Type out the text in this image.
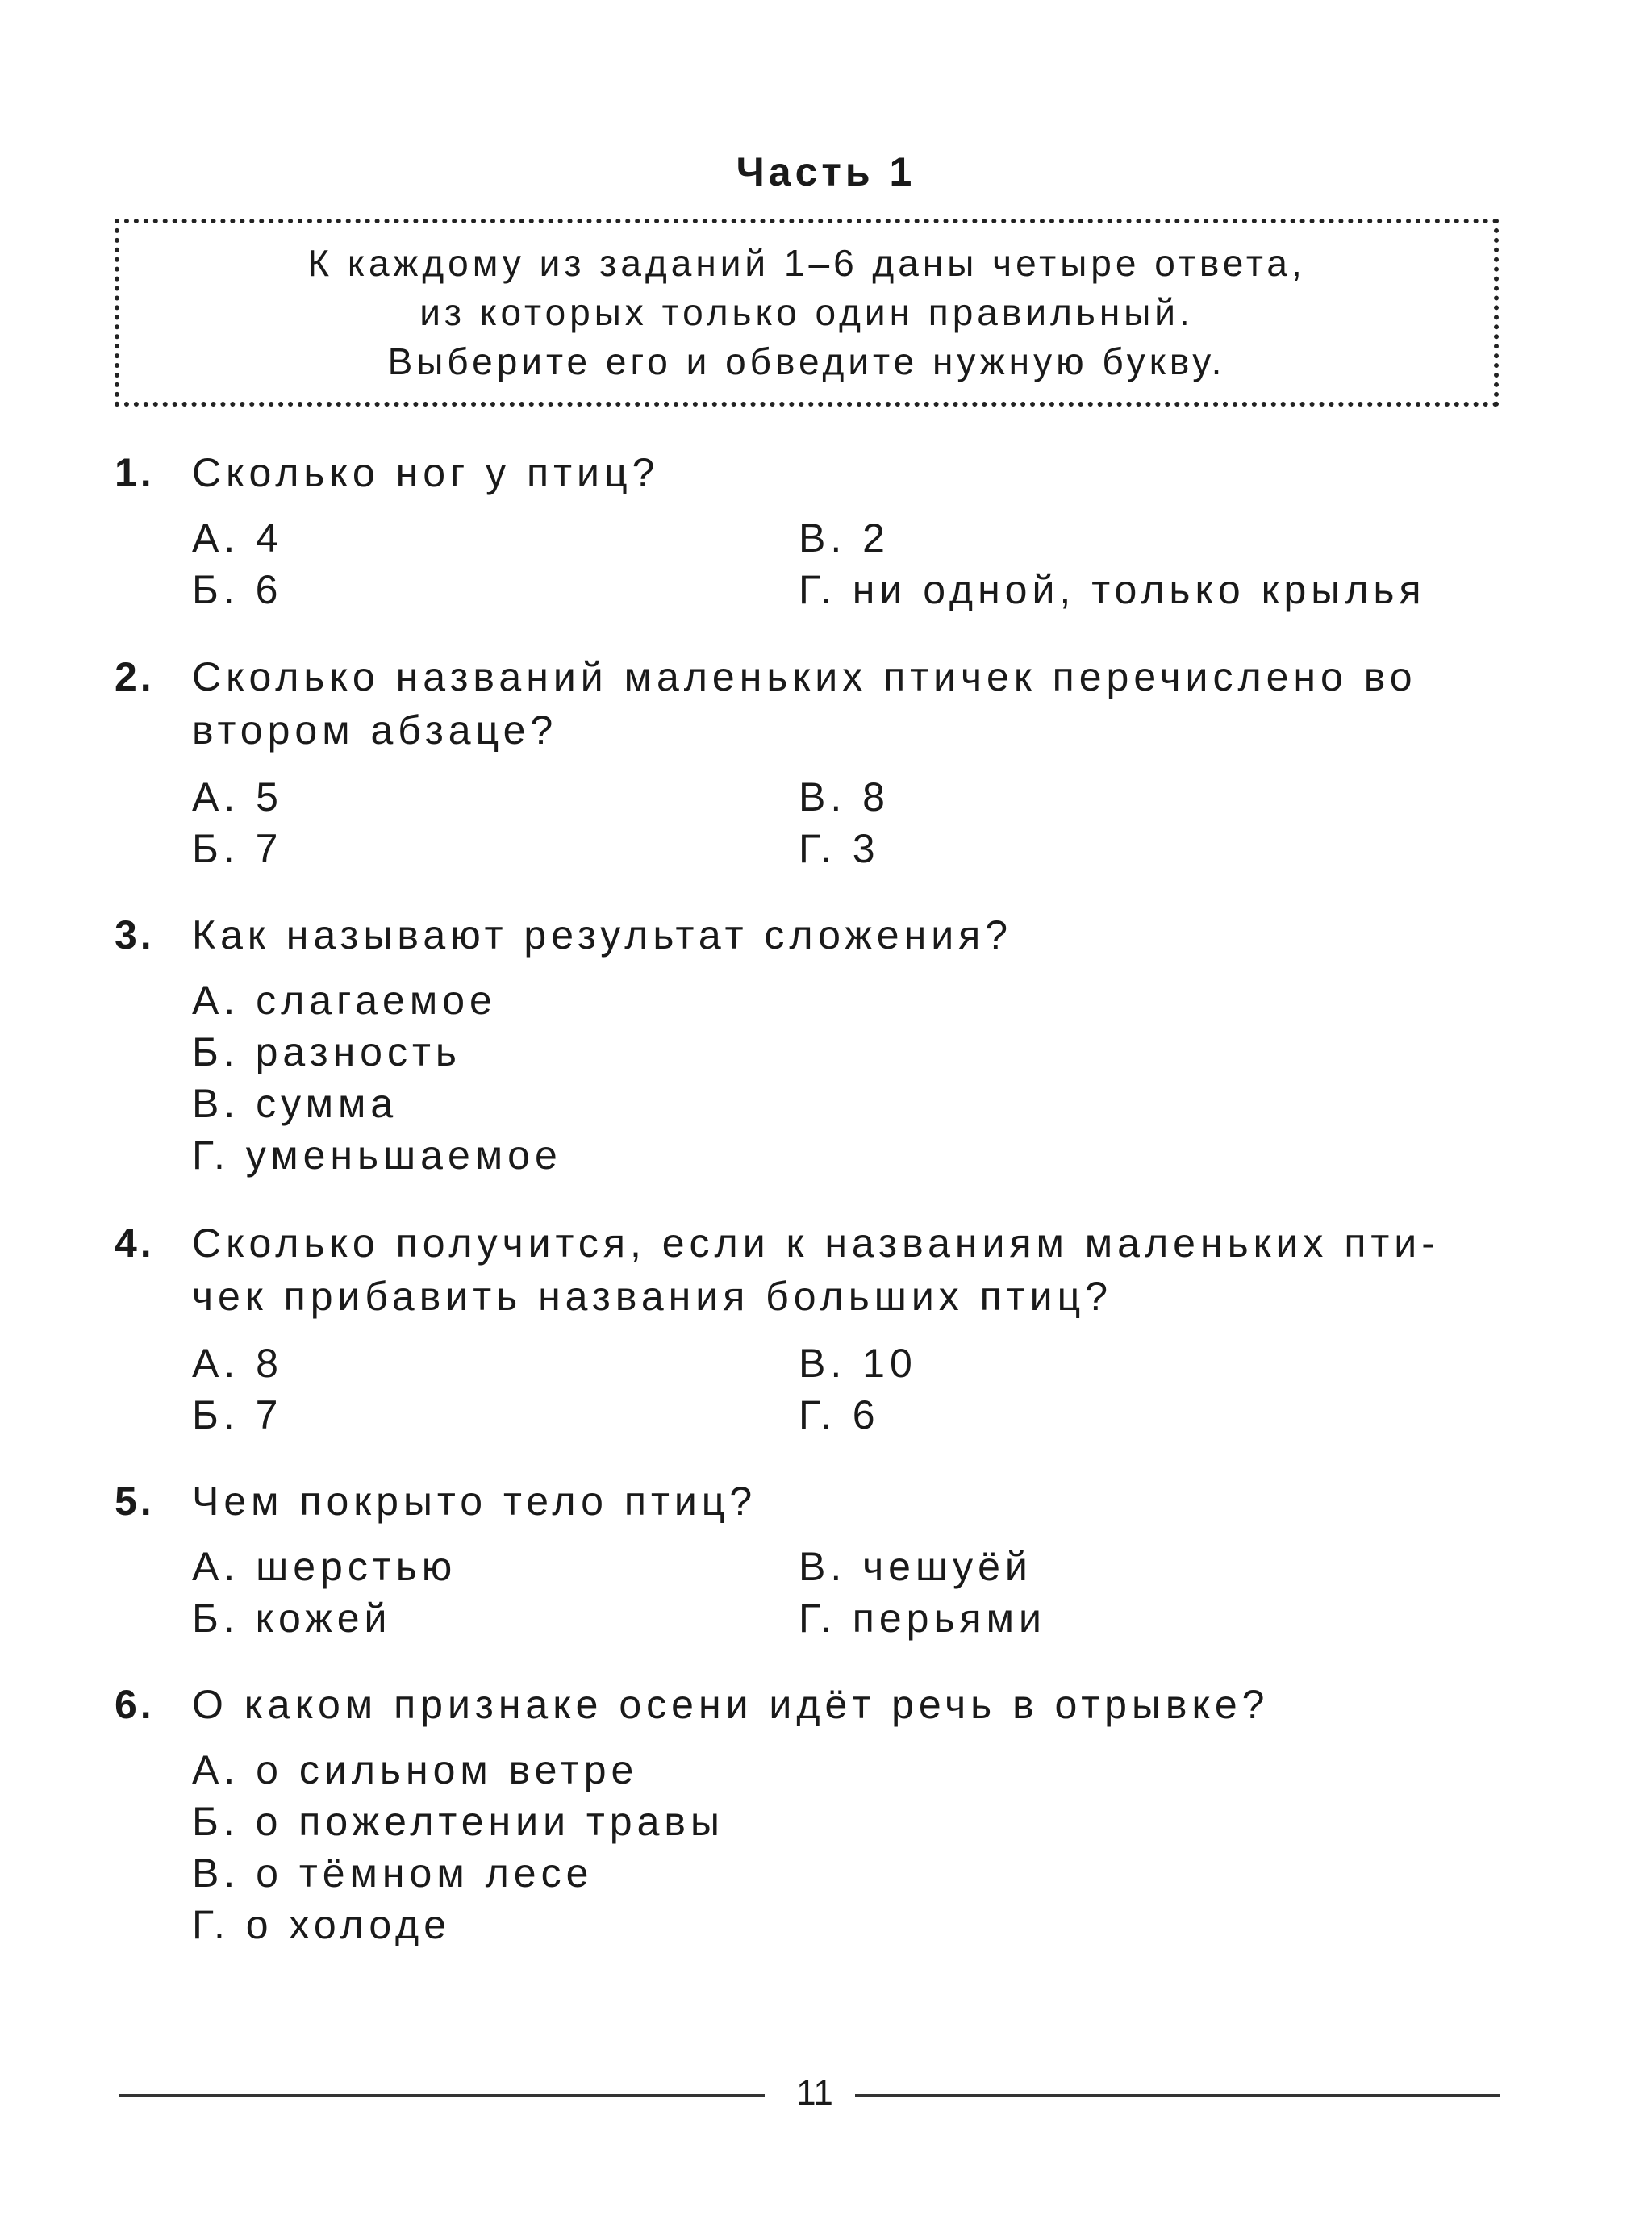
Часть 1
К каждому из заданий 1–6 даны четыре ответа,
из которых только один правильный.
Выберите его и обведите нужную букву.
1. Сколько ног у птиц?
А. 4
Б. 6
В. 2
Г. ни одной, только крылья
2. Сколько названий маленьких птичек перечислено во
втором абзаце?
А. 5
Б. 7
В. 8
Г. 3
3. Как называют результат сложения?
А. слагаемое
Б. разность
В. сумма
Г. уменьшаемое
4. Сколько получится, если к названиям маленьких пти-
чек прибавить названия больших птиц?
А. 8
Б. 7
В. 10
Г. 6
5. Чем покрыто тело птиц?
А. шерстью
Б. кожей
В. чешуёй
Г. перьями
6. О каком признаке осени идёт речь в отрывке?
А. о сильном ветре
Б. о пожелтении травы
В. о тёмном лесе
Г. о холоде
11
